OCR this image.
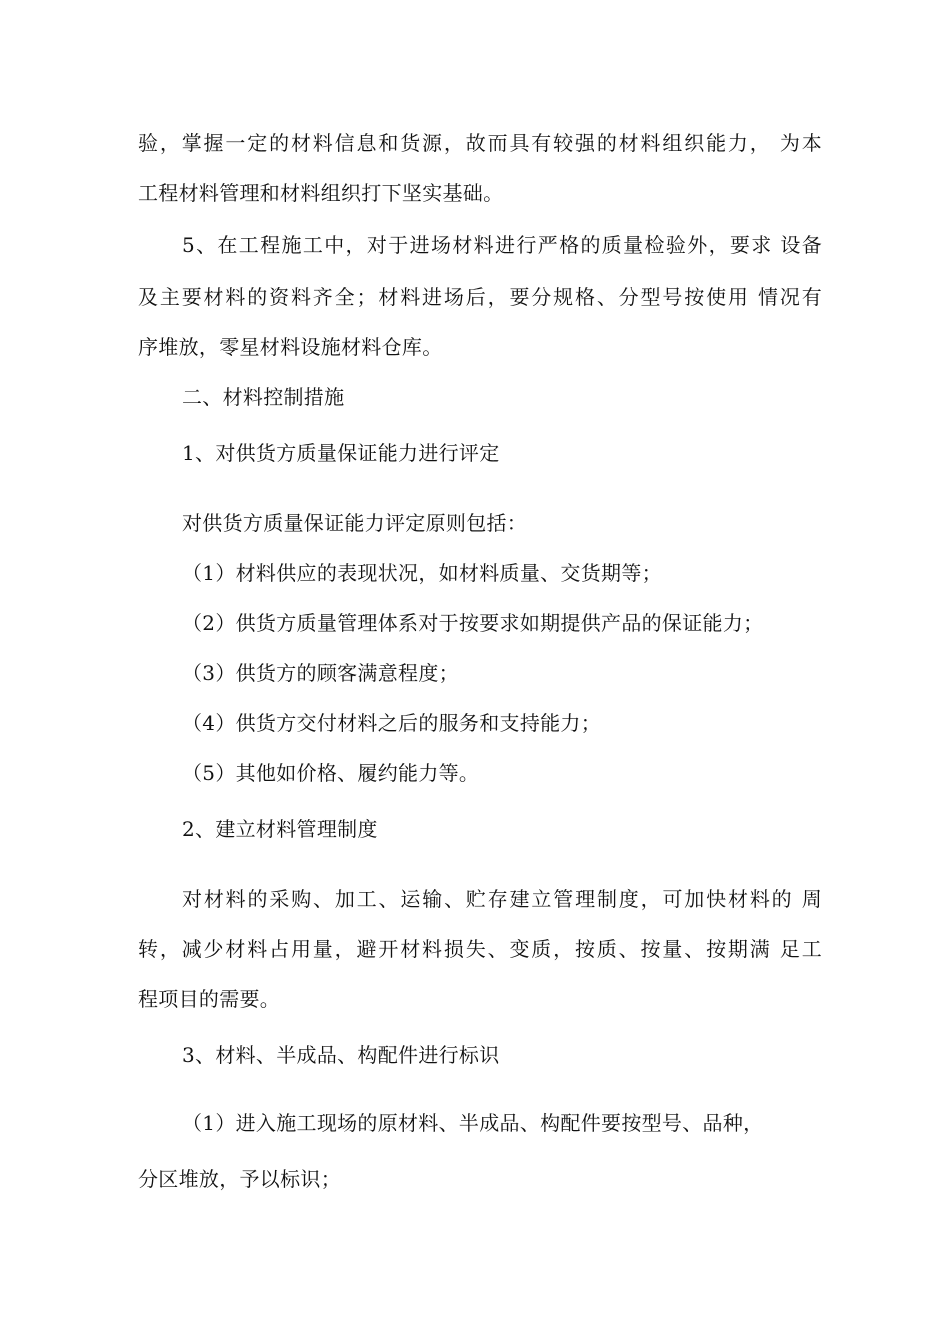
验，掌握一定的材料信息和货源，故而具有较强的材料组织能力， 为本
工程材料管理和材料组织打下坚实基础。
5、在工程施工中，对于进场材料进行严格的质量检验外，要求 设备
及主要材料的资料齐全；材料进场后，要分规格、分型号按使用 情况有
序堆放，零星材料设施材料仓库。
二、材料控制措施
1、对供货方质量保证能力进行评定
对供货方质量保证能力评定原则包括：
（1）材料供应的表现状况，如材料质量、交货期等；
（2）供货方质量管理体系对于按要求如期提供产品的保证能力；
（3）供货方的顾客满意程度；
（4）供货方交付材料之后的服务和支持能力；
（5）其他如价格、履约能力等。
2、建立材料管理制度
对材料的采购、加工、运输、贮存建立管理制度，可加快材料的 周
转，减少材料占用量，避开材料损失、变质，按质、按量、按期满 足工
程项目的需要。
3、材料、半成品、构配件进行标识
（1）进入施工现场的原材料、半成品、构配件要按型号、品种，
分区堆放，予以标识；
